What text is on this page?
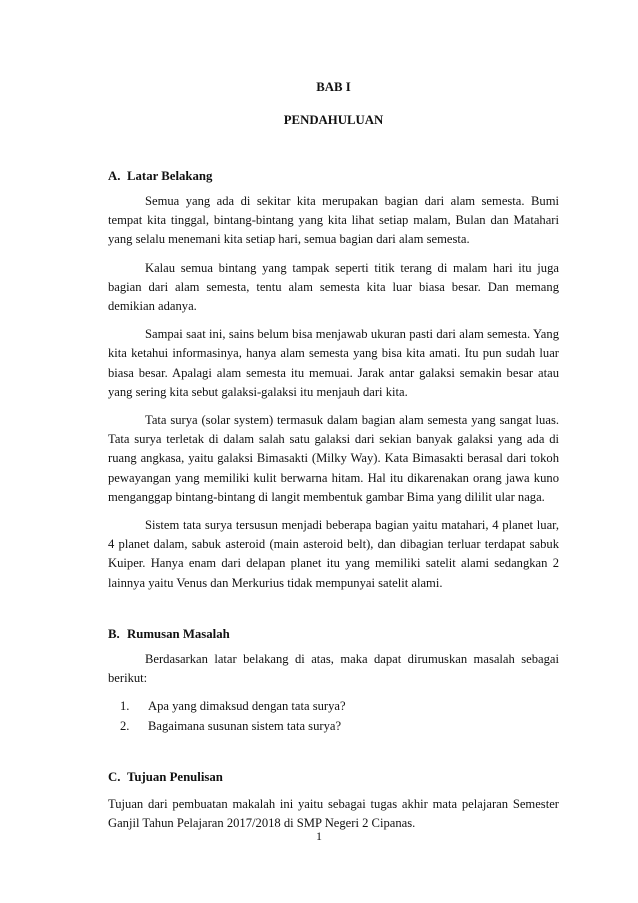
BAB I

PENDAHULUAN

A. Latar Belakang

Semua yang ada di sekitar kita merupakan bagian dari alam semesta. Bumi tempat kita tinggal, bintang-bintang yang kita lihat setiap malam, Bulan dan Matahari yang selalu menemani kita setiap hari, semua bagian dari alam semesta.

Kalau semua bintang yang tampak seperti titik terang di malam hari itu juga bagian dari alam semesta, tentu alam semesta kita luar biasa besar. Dan memang demikian adanya.

Sampai saat ini, sains belum bisa menjawab ukuran pasti dari alam semesta. Yang kita ketahui informasinya, hanya alam semesta yang bisa kita amati. Itu pun sudah luar biasa besar. Apalagi alam semesta itu memuai. Jarak antar galaksi semakin besar atau yang sering kita sebut galaksi-galaksi itu menjauh dari kita.

Tata surya (solar system) termasuk dalam bagian alam semesta yang sangat luas. Tata surya terletak di dalam salah satu galaksi dari sekian banyak galaksi yang ada di ruang angkasa, yaitu galaksi Bimasakti (Milky Way). Kata Bimasakti berasal dari tokoh pewayangan yang memiliki kulit berwarna hitam. Hal itu dikarenakan orang jawa kuno menganggap bintang-bintang di langit membentuk gambar Bima yang dililit ular naga.

Sistem tata surya tersusun menjadi beberapa bagian yaitu matahari, 4 planet luar, 4 planet dalam, sabuk asteroid (main asteroid belt), dan dibagian terluar terdapat sabuk Kuiper. Hanya enam dari delapan planet itu yang memiliki satelit alami sedangkan 2 lainnya yaitu Venus dan Merkurius tidak mempunyai satelit alami.

B. Rumusan Masalah

Berdasarkan latar belakang di atas, maka dapat dirumuskan masalah sebagai berikut:

1.	Apa yang dimaksud dengan tata surya?
2.	Bagaimana susunan sistem tata surya?
C. Tujuan Penulisan

Tujuan dari pembuatan makalah ini yaitu sebagai tugas akhir mata pelajaran Semester Ganjil Tahun Pelajaran 2017/2018 di SMP Negeri 2 Cipanas.

1
